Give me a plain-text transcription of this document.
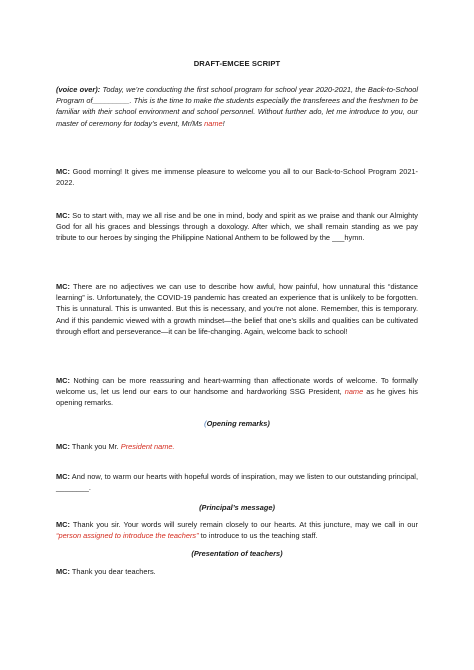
DRAFT-EMCEE SCRIPT

(voice over): Today, we’re conducting the first school program for school year 2020-2021, the Back-to-School Program of_________. This is the time to make the students especially the transferees and the freshmen to be familiar with their school environment and school personnel. Without further ado, let me introduce to you, our master of ceremony for today’s event, Mr/Ms name!

MC: Good morning! It gives me immense pleasure to welcome you all to our Back-to-School Program 2021-2022.

MC: So to start with, may we all rise and be one in mind, body and spirit as we praise and thank our Almighty God for all his graces and blessings through a doxology. After which, we shall remain standing as we pay tribute to our heroes by singing the Philippine National Anthem to be followed by the ___hymn.

MC: There are no adjectives we can use to describe how awful, how painful, how unnatural this “distance learning” is. Unfortunately, the COVID-19 pandemic has created an experience that is unlikely to be forgotten. This is unnatural. This is unwanted. But this is necessary, and you’re not alone. Remember, this is temporary. And if this pandemic viewed with a growth mindset—the belief that one’s skills and qualities can be cultivated through effort and perseverance—it can be life-changing. Again, welcome back to school!

MC: Nothing can be more reassuring and heart-warming than affectionate words of welcome. To formally welcome us, let us lend our ears to our handsome and hardworking SSG President, name as he gives his opening remarks.

(Opening remarks)

MC: Thank you Mr. President name.

MC: And now, to warm our hearts with hopeful words of inspiration, may we listen to our outstanding principal, ________.

(Principal’s message)

MC: Thank you sir. Your words will surely remain closely to our hearts. At this juncture, may we call in our “person assigned to introduce the teachers” to introduce to us the teaching staff.

(Presentation of teachers)

MC: Thank you dear teachers.
